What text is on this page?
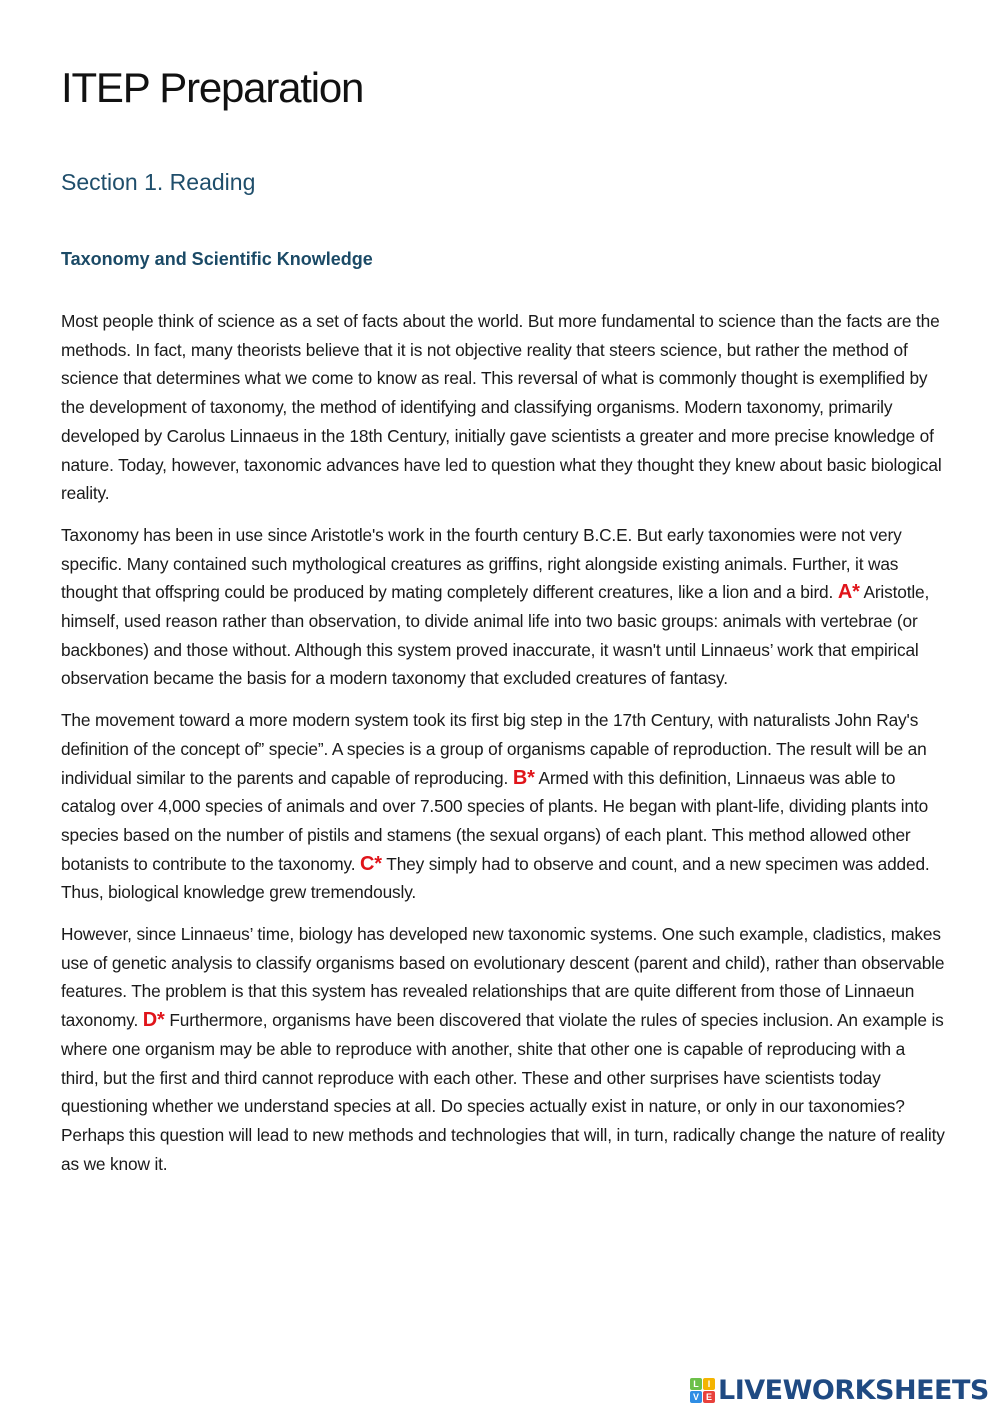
ITEP Preparation
Section 1. Reading
Taxonomy and Scientific Knowledge

Most people think of science as a set of facts about the world. But more fundamental to science than the facts are the methods. In fact, many theorists believe that it is not objective reality that steers science, but rather the method of science that determines what we come to know as real. This reversal of what is commonly thought is exemplified by the development of taxonomy, the method of identifying and classifying organisms. Modern taxonomy, primarily developed by Carolus Linnaeus in the 18th Century, initially gave scientists a greater and more precise knowledge of nature. Today, however, taxonomic advances have led to question what they thought they knew about basic biological reality.

Taxonomy has been in use since Aristotle's work in the fourth century B.C.E. But early taxonomies were not very specific. Many contained such mythological creatures as griffins, right alongside existing animals. Further, it was thought that offspring could be produced by mating completely different creatures, like a lion and a bird. A* Aristotle, himself, used reason rather than observation, to divide animal life into two basic groups: animals with vertebrae (or backbones) and those without. Although this system proved inaccurate, it wasn't until Linnaeus’ work that empirical observation became the basis for a modern taxonomy that excluded creatures of fantasy.

The movement toward a more modern system took its first big step in the 17th Century, with naturalists John Ray's definition of the concept of” specie”. A species is a group of organisms capable of reproduction. The result will be an individual similar to the parents and capable of reproducing. B* Armed with this definition, Linnaeus was able to catalog over 4,000 species of animals and over 7.500 species of plants. He began with plant-life, dividing plants into species based on the number of pistils and stamens (the sexual organs) of each plant. This method allowed other botanists to contribute to the taxonomy. C* They simply had to observe and count, and a new specimen was added. Thus, biological knowledge grew tremendously.

However, since Linnaeus’ time, biology has developed new taxonomic systems. One such example, cladistics, makes use of genetic analysis to classify organisms based on evolutionary descent (parent and child), rather than observable features. The problem is that this system has revealed relationships that are quite different from those of Linnaeun taxonomy. D* Furthermore, organisms have been discovered that violate the rules of species inclusion. An example is where one organism may be able to reproduce with another, shite that other one is capable of reproducing with a third, but the first and third cannot reproduce with each other. These and other surprises have scientists today questioning whether we understand species at all. Do species actually exist in nature, or only in our taxonomies? Perhaps this question will lead to new methods and technologies that will, in turn, radically change the nature of reality as we know it.

L I
V E LIVEWORKSHEETS
